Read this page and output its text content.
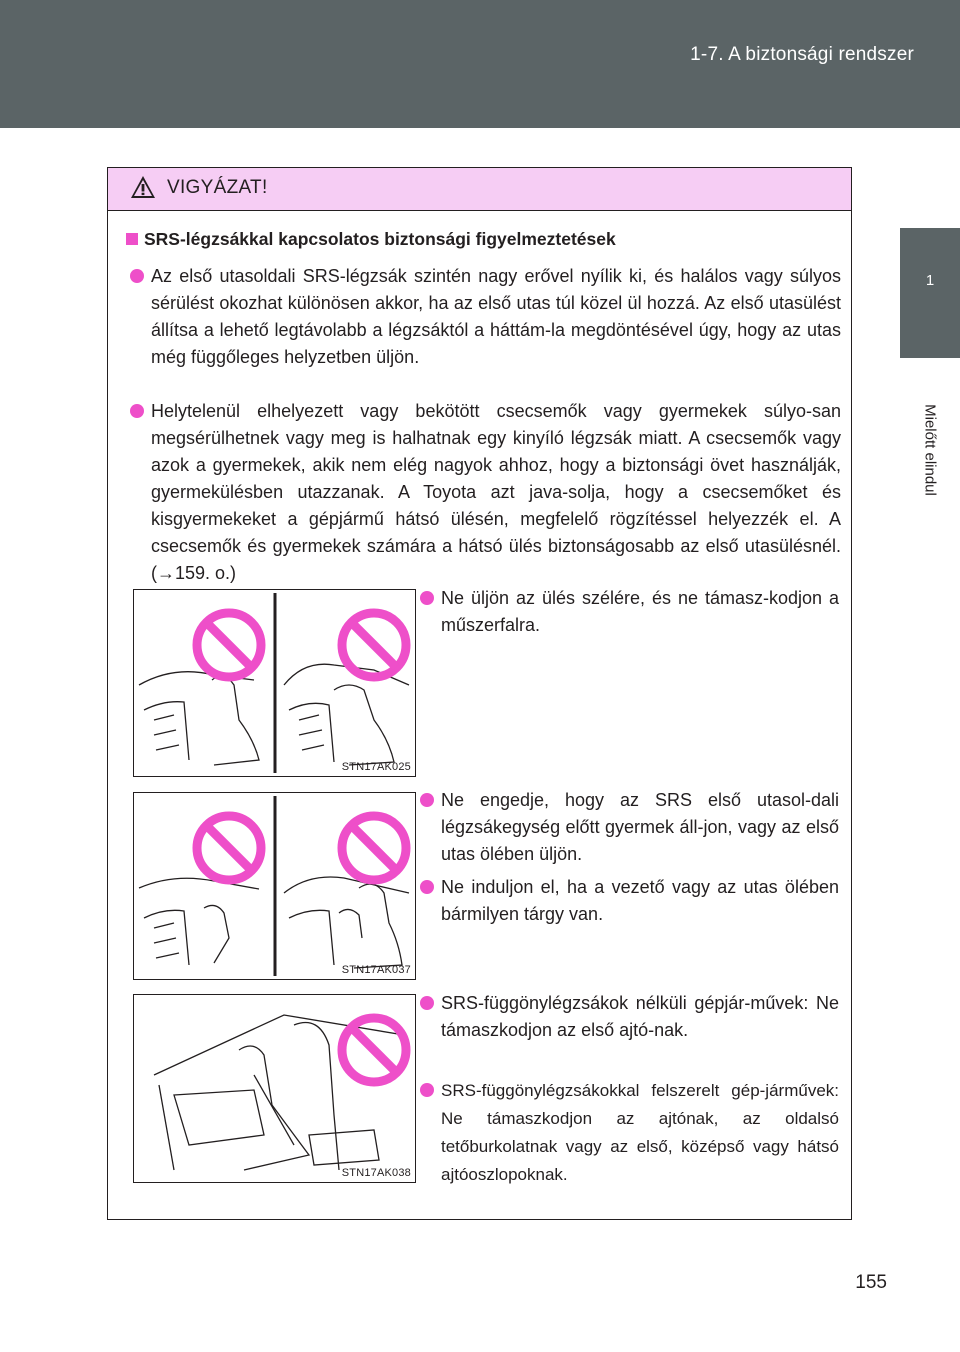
1-7. A biztonsági rendszer
1
Mielőtt elindul
VIGYÁZAT!
SRS-légzsákkal kapcsolatos biztonsági figyelmeztetések
Az első utasoldali SRS-légzsák szintén nagy erővel nyílik ki, és halálos vagy súlyos sérülést okozhat különösen akkor, ha az első utas túl közel ül hozzá. Az első utasülést állítsa a lehető legtávolabb a légzsáktól a háttám-la megdöntésével úgy, hogy az utas még függőleges helyzetben üljön.
Helytelenül elhelyezett vagy bekötött csecsemők vagy gyermekek súlyo-san megsérülhetnek vagy meg is halhatnak egy kinyíló légzsák miatt. A csecsemők vagy azok a gyermekek, akik nem elég nagyok ahhoz, hogy a biztonsági övet használják, gyermekülésben utazzanak. A Toyota azt java-solja, hogy a csecsemőket és kisgyermekeket a gépjármű hátsó ülésén, megfelelő rögzítéssel helyezzék el. A csecsemők és gyermekek számára a hátsó ülés biztonságosabb az első utasülésnél. (→159. o.)
STN17AK025
Ne üljön az ülés szélére, és ne támasz-kodjon a műszerfalra.
STN17AK037
Ne engedje, hogy az SRS első utasol-dali légzsákegység előtt gyermek áll-jon, vagy az első utas ölében üljön.
Ne induljon el, ha a vezető vagy az utas ölében bármilyen tárgy van.
STN17AK038
SRS-függönylégzsákok nélküli gépjár-művek: Ne támaszkodjon az első ajtó-nak.
SRS-függönylégzsákokkal felszerelt gép-járművek: Ne támaszkodjon az ajtónak, az oldalsó tetőburkolatnak vagy az első, középső vagy hátsó ajtóoszlopoknak.
155
